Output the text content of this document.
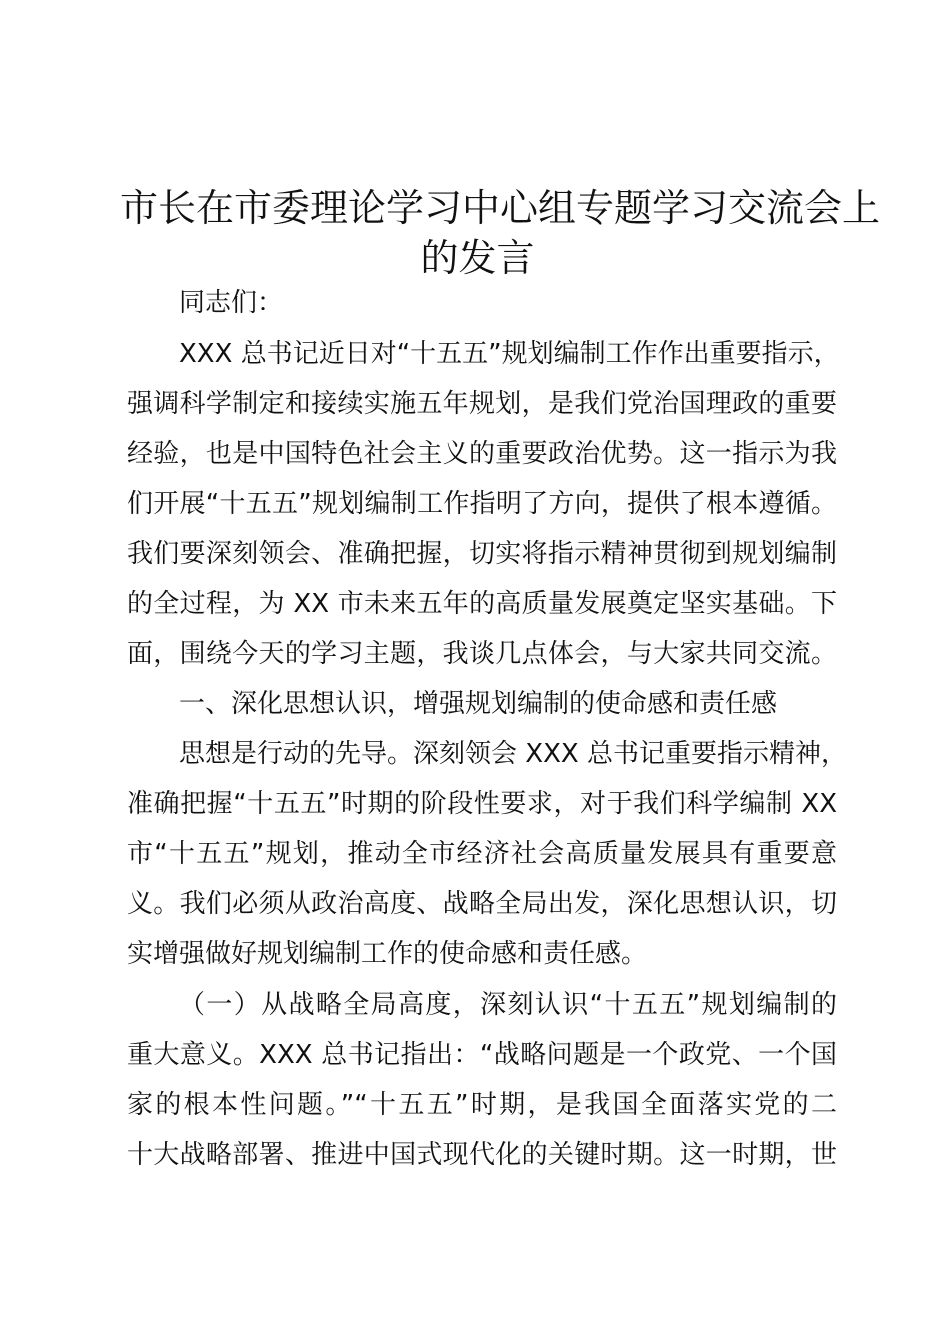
市长在市委理论学习中心组专题学习交流会上
的发言

同志们：

XXX 总书记近日对“十五五”规划编制工作作出重要指示，

强调科学制定和接续实施五年规划，是我们党治国理政的重要

经验，也是中国特色社会主义的重要政治优势。这一指示为我

们开展“十五五”规划编制工作指明了方向，提供了根本遵循。

我们要深刻领会、准确把握，切实将指示精神贯彻到规划编制

的全过程，为 XX 市未来五年的高质量发展奠定坚实基础。下

面，围绕今天的学习主题，我谈几点体会，与大家共同交流。

一、深化思想认识，增强规划编制的使命感和责任感

思想是行动的先导。深刻领会 XXX 总书记重要指示精神，

准确把握“十五五”时期的阶段性要求，对于我们科学编制 XX

市“十五五”规划，推动全市经济社会高质量发展具有重要意

义。我们必须从政治高度、战略全局出发，深化思想认识，切

实增强做好规划编制工作的使命感和责任感。

（一）从战略全局高度，深刻认识“十五五”规划编制的

重大意义。XXX 总书记指出：“战略问题是一个政党、一个国

家的根本性问题。”“十五五”时期，是我国全面落实党的二

十大战略部署、推进中国式现代化的关键时期。这一时期，世
